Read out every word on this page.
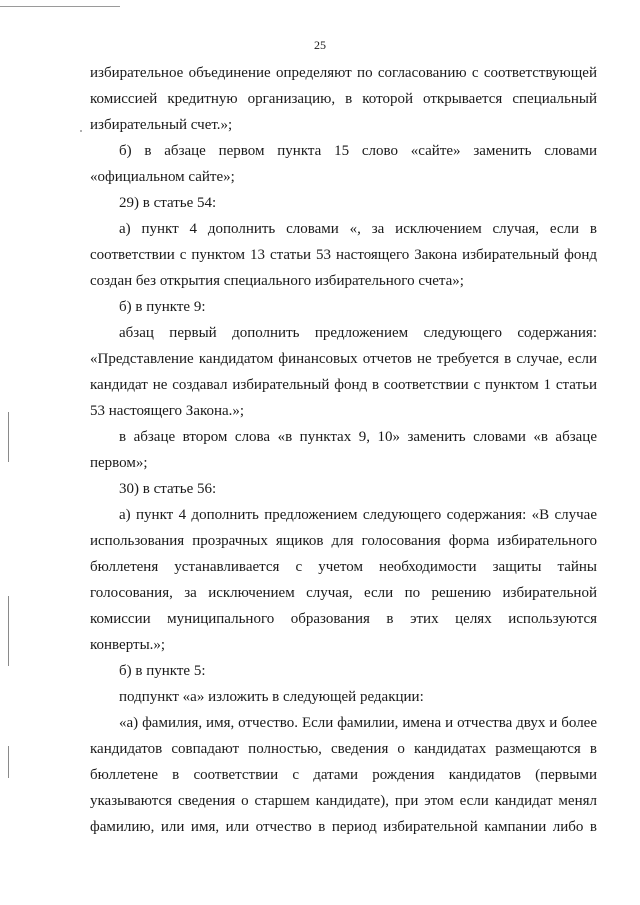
25

избирательное объединение определяют по согласованию с соответствующей комиссией кредитную организацию, в которой открывается специальный избирательный счет.»;

б) в абзаце первом пункта 15 слово «сайте» заменить словами «официальном сайте»;

29) в статье 54:

а) пункт 4 дополнить словами «, за исключением случая, если в соответствии с пунктом 13 статьи 53 настоящего Закона избирательный фонд создан без открытия специального избирательного счета»;

б) в пункте 9:

абзац первый дополнить предложением следующего содержания: «Представление кандидатом финансовых отчетов не требуется в случае, если кандидат не создавал избирательный фонд в соответствии с пунктом 1 статьи 53 настоящего Закона.»;

в абзаце втором слова «в пунктах 9, 10» заменить словами «в абзаце первом»;

30) в статье 56:

а) пункт 4 дополнить предложением следующего содержания: «В случае использования прозрачных ящиков для голосования форма избирательного бюллетеня устанавливается с учетом необходимости защиты тайны голосования, за исключением случая, если по решению избирательной комиссии муниципального образования в этих целях используются конверты.»;

б) в пункте 5:

подпункт «а» изложить в следующей редакции:

«а) фамилия, имя, отчество. Если фамилии, имена и отчества двух и более кандидатов совпадают полностью, сведения о кандидатах размещаются в бюллетене в соответствии с датами рождения кандидатов (первыми указываются сведения о старшем кандидате), при этом если кандидат менял фамилию, или имя, или отчество в период избирательной кампании либо в
